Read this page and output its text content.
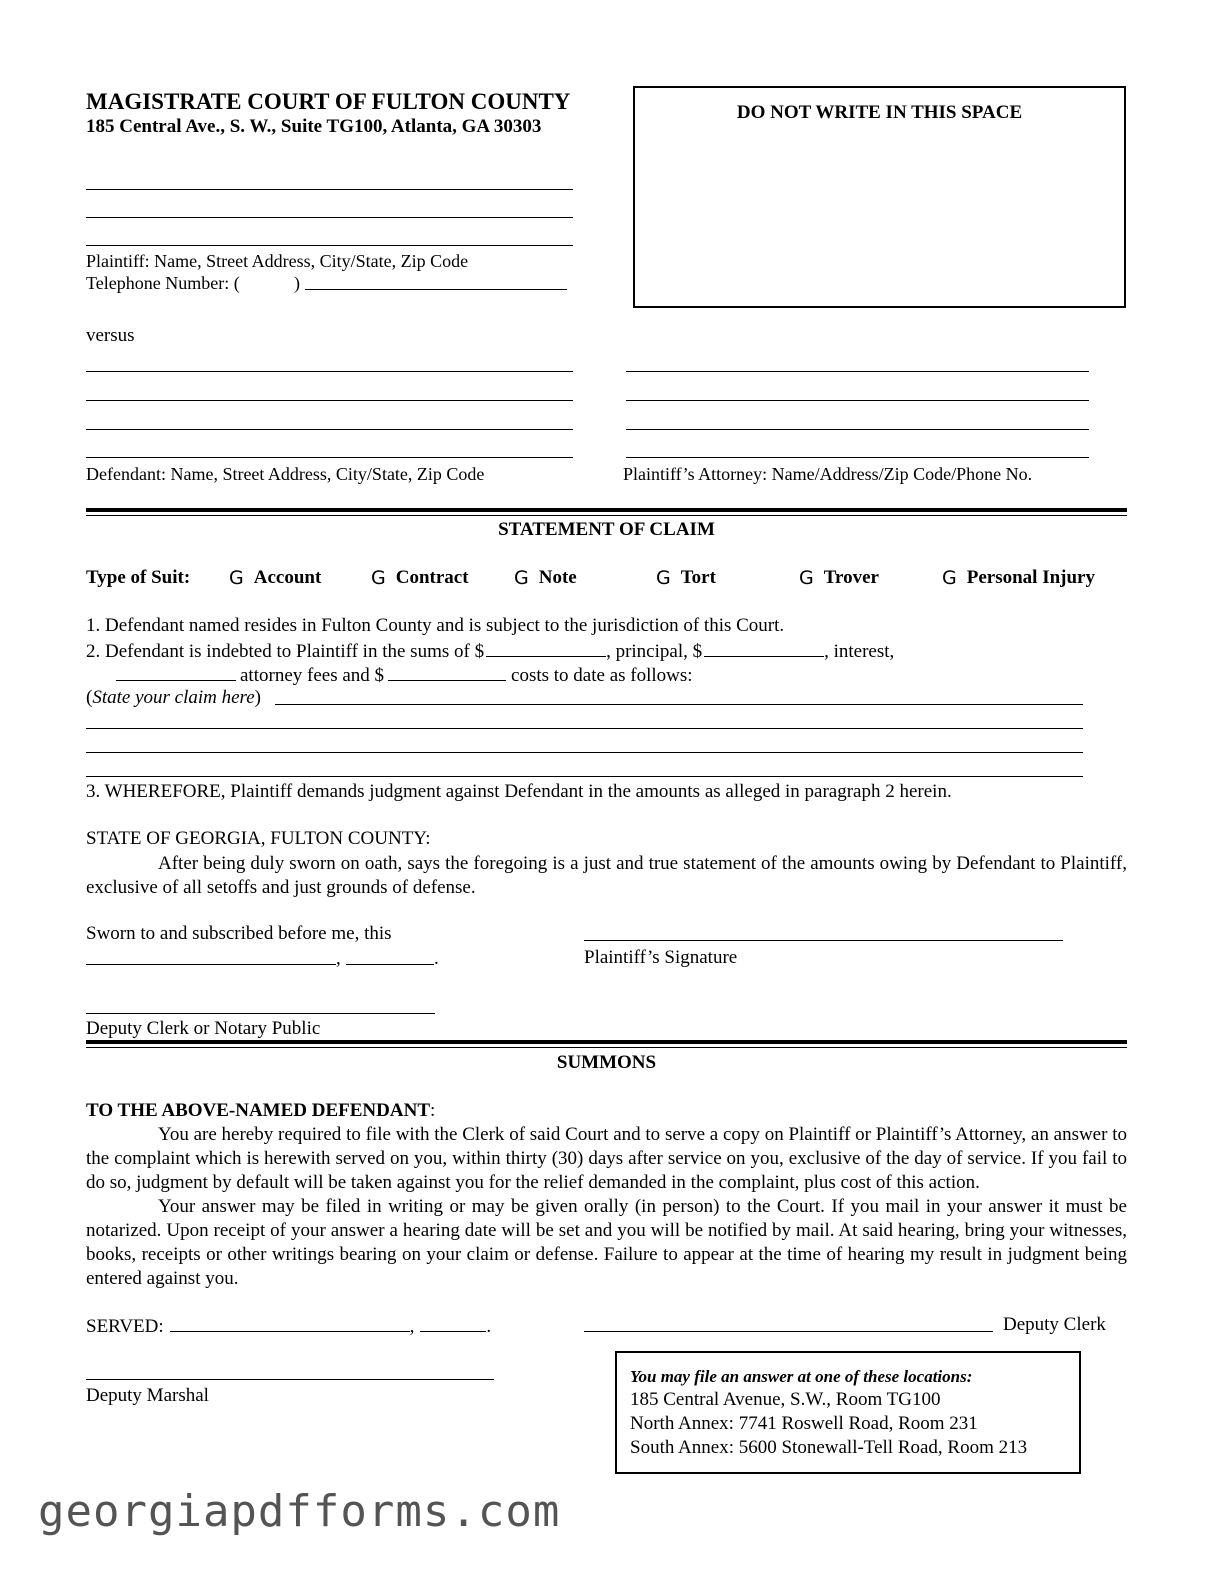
MAGISTRATE COURT OF FULTON COUNTY
185 Central Ave., S. W., Suite TG100, Atlanta, GA 30303
DO NOT WRITE IN THIS SPACE
Plaintiff: Name, Street Address, City/State, Zip Code
Telephone Number: (	)
versus
Defendant: Name, Street Address, City/State, Zip Code	Plaintiff’s Attorney: Name/Address/Zip Code/Phone No.
STATEMENT OF CLAIM
Type of Suit: G Account	G Contract G Note	G Tort	G Trover	G Personal Injury
1. Defendant named resides in Fulton County and is subject to the jurisdiction of this Court.
2. Defendant is indebted to Plaintiff in the sums of $	, principal, $	, interest,
attorney fees and $	costs to date as follows:
(State your claim here)
3. WHEREFORE, Plaintiff demands judgment against Defendant in the amounts as alleged in paragraph 2 herein.
STATE OF GEORGIA, FULTON COUNTY:

After being duly sworn on oath, says the foregoing is a just and true statement of the amounts owing by Defendant to Plaintiff, exclusive of all setoffs and just grounds of defense.

Sworn to and subscribed before me, this
,	.	Plaintiff’s Signature
Deputy Clerk or Notary Public
SUMMONS
TO THE ABOVE-NAMED DEFENDANT:

You are hereby required to file with the Clerk of said Court and to serve a copy on Plaintiff or Plaintiff’s Attorney, an answer to the complaint which is herewith served on you, within thirty (30) days after service on you, exclusive of the day of service. If you fail to do so, judgment by default will be taken against you for the relief demanded in the complaint, plus cost of this action.

Your answer may be filed in writing or may be given orally (in person) to the Court. If you mail in your answer it must be notarized. Upon receipt of your answer a hearing date will be set and you will be notified by mail. At said hearing, bring your witnesses, books, receipts or other writings bearing on your claim or defense. Failure to appear at the time of hearing my result in judgment being entered against you.

SERVED:	,	.	Deputy Clerk
Deputy Marshal
You may file an answer at one of these locations:
185 Central Avenue, S.W., Room TG100
North Annex: 7741 Roswell Road, Room 231
South Annex: 5600 Stonewall-Tell Road, Room 213
georgiapdfforms.com
